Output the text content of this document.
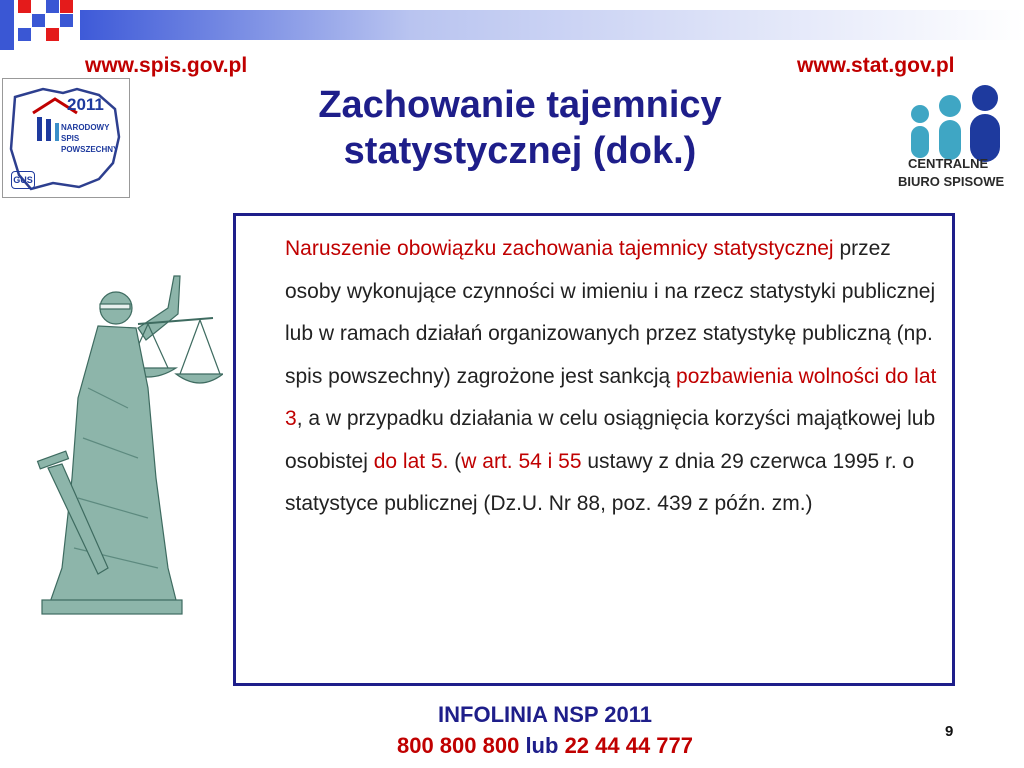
www.spis.gov.pl	www.stat.gov.pl
2011
NARODOWY
SPIS
POWSZECHNY
GUS
Zachowanie tajemnicy
statystycznej (dok.)	CENTRALNE
BIURO SPISOWE

Naruszenie obowiązku zachowania tajemnicy statystycznej przez osoby wykonujące czynności w imieniu i na rzecz statystyki publicznej lub w ramach działań organizowanych przez statystykę publiczną (np. spis powszechny) zagrożone jest sankcją pozbawienia wolności do lat 3, a w przypadku działania w celu osiągnięcia korzyści majątkowej lub osobistej do lat 5. (w art. 54 i 55 ustawy z dnia 29 czerwca 1995 r. o statystyce publicznej (Dz.U. Nr 88, poz. 439 z późn. zm.)

INFOLINIA NSP 2011
800 800 800 lub 22 44 44 777
9
